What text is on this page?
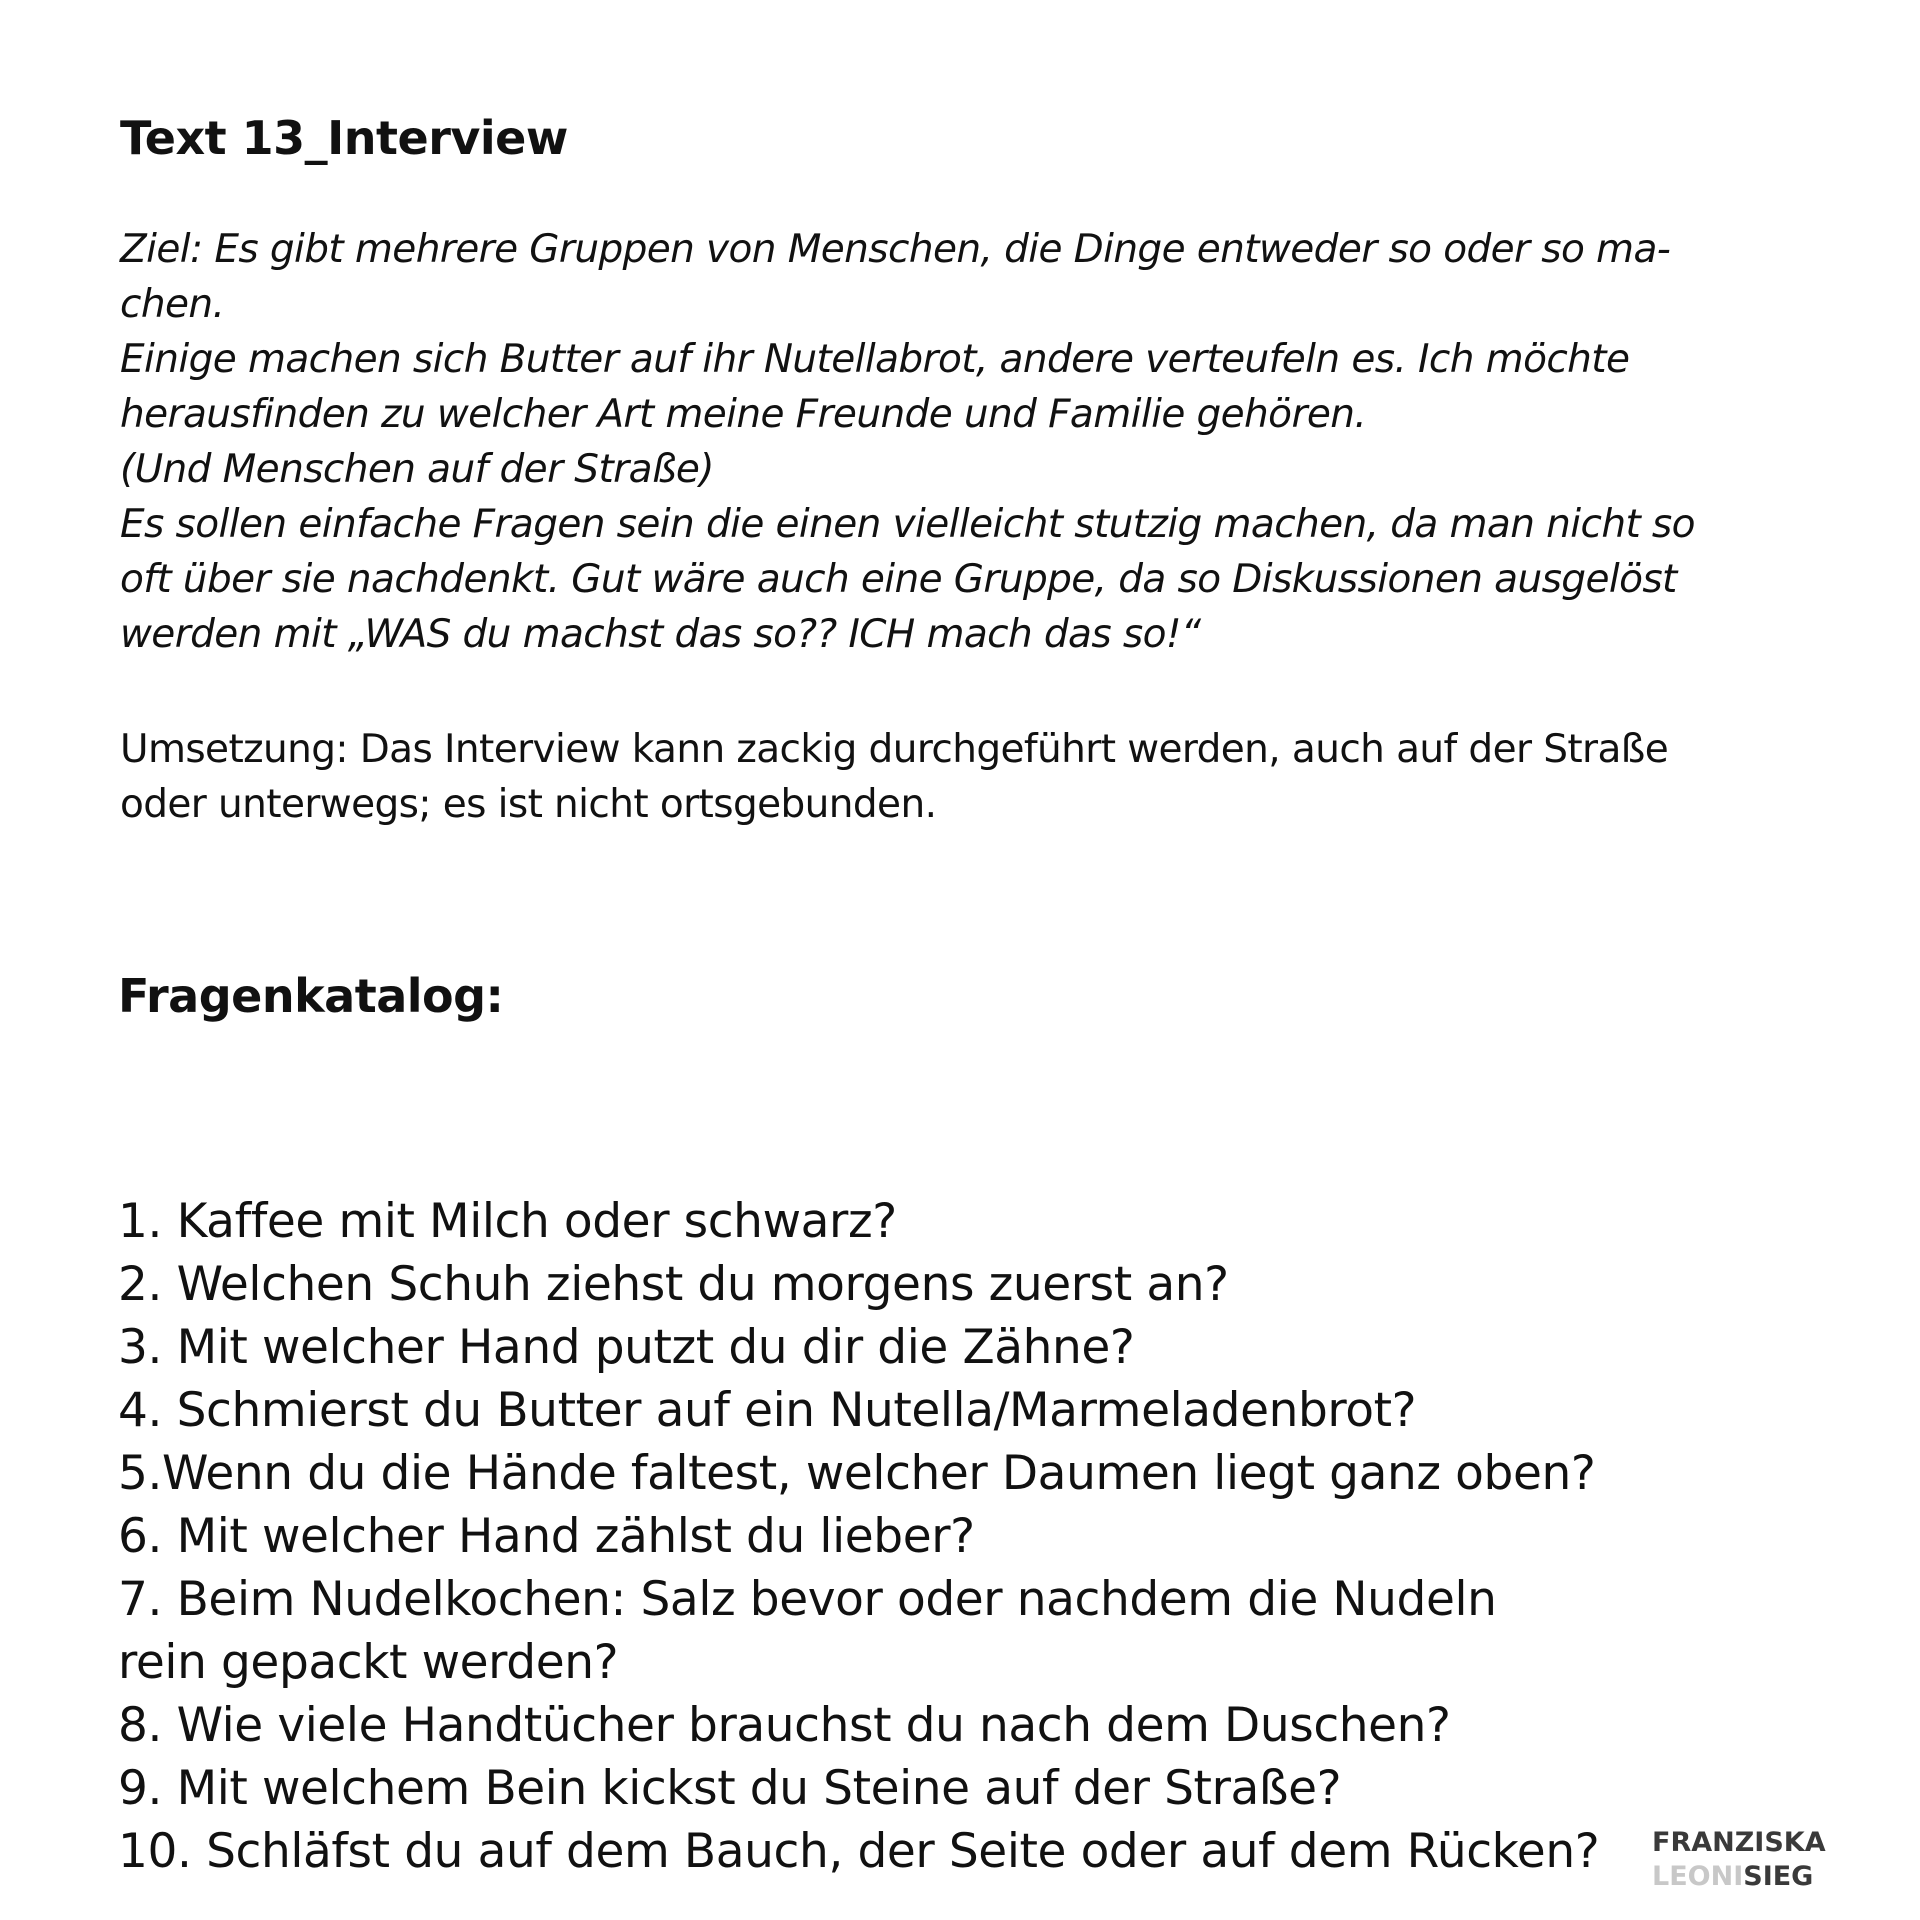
Text 13_Interview

Ziel: Es gibt mehrere Gruppen von Menschen, die Dinge entweder so oder so ma-
chen.
Einige machen sich Butter auf ihr Nutellabrot, andere verteufeln es. Ich möchte
herausfinden zu welcher Art meine Freunde und Familie gehören.
(Und Menschen auf der Straße)
Es sollen einfache Fragen sein die einen vielleicht stutzig machen, da man nicht so
oft über sie nachdenkt. Gut wäre auch eine Gruppe, da so Diskussionen ausgelöst
werden mit „WAS du machst das so?? ICH mach das so!“

Umsetzung: Das Interview kann zackig durchgeführt werden, auch auf der Straße
oder unterwegs; es ist nicht ortsgebunden.

Fragenkatalog:
1. Kaffee mit Milch oder schwarz?
2. Welchen Schuh ziehst du morgens zuerst an?
3. Mit welcher Hand putzt du dir die Zähne?
4. Schmierst du Butter auf ein Nutella/Marmeladenbrot?
5.Wenn du die Hände faltest, welcher Daumen liegt ganz oben?
6. Mit welcher Hand zählst du lieber?
7. Beim Nudelkochen: Salz bevor oder nachdem die Nudeln
rein gepackt werden?
8. Wie viele Handtücher brauchst du nach dem Duschen?
9. Mit welchem Bein kickst du Steine auf der Straße?
10. Schläfst du auf dem Bauch, der Seite oder auf dem Rücken? FRANZISKA
LEONISIEG
